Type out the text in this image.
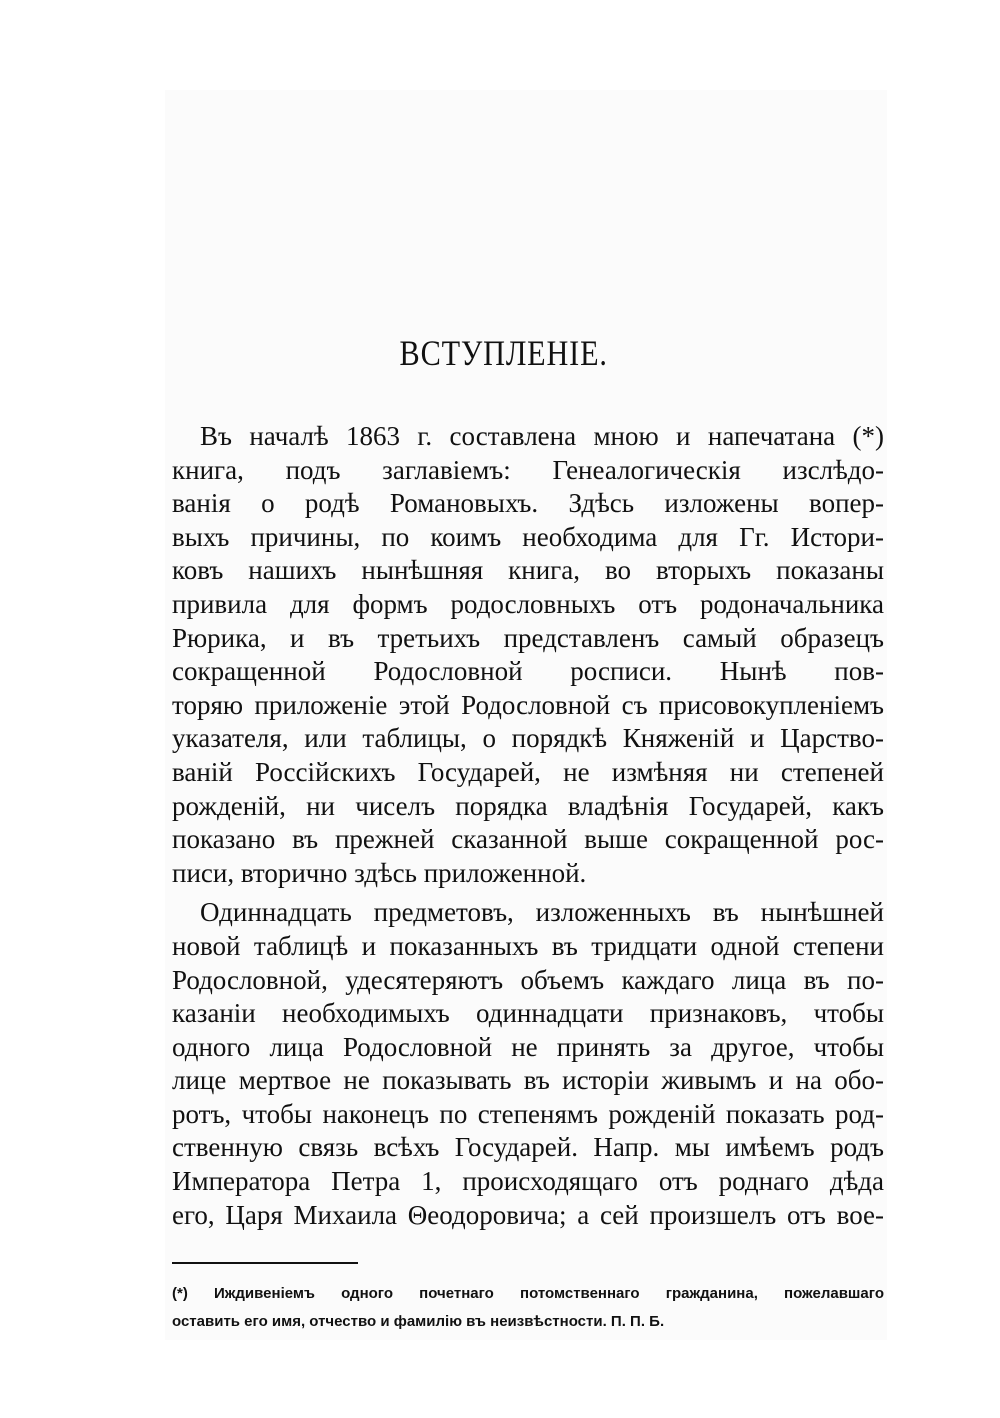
ВСТУПЛЕНІЕ.
Въ началѣ 1863 г. составлена мною и напечатана (*)
книга, подъ заглавіемъ: Генеалогическія изслѣдо-
ванія о родѣ Романовыхъ. Здѣсь изложены вопер-
выхъ причины, по коимъ необходима для Гг. Истори-
ковъ нашихъ нынѣшняя книга, во вторыхъ показаны
привила для формъ родословныхъ отъ родоначальника
Рюрика, и въ третьихъ представленъ самый образецъ
сокращенной Родословной росписи. Нынѣ пов-
торяю приложеніе этой Родословной съ присовокупленіемъ
указателя, или таблицы, о порядкѣ Княженій и Царство-
ваній Россійскихъ Государей, не измѣняя ни степеней
рожденій, ни чиселъ порядка владѣнія Государей, какъ
показано въ прежней сказанной выше сокращенной рос-
писи, вторично здѣсь приложенной.
Одиннадцать предметовъ, изложенныхъ въ нынѣшней
новой таблицѣ и показанныхъ въ тридцати одной степени
Родословной, удесятеряютъ объемъ каждаго лица въ по-
казаніи необходимыхъ одиннадцати признаковъ, чтобы
одного лица Родословной не принять за другое, чтобы
лице мертвое не показывать въ исторіи живымъ и на обо-
ротъ, чтобы наконецъ по степенямъ рожденій показать род-
ственную связь всѣхъ Государей. Напр. мы имѣемъ родъ
Императора Петра 1, происходящаго отъ роднаго дѣда
его, Царя Михаила Θеодоровича; а сей произшелъ отъ вое-
(*) Иждивеніемъ одного почетнаго потомственнаго гражданина, пожелавшаго
оставить его имя, отчество и фамилію въ неизвѣстности. П. П. Б.
